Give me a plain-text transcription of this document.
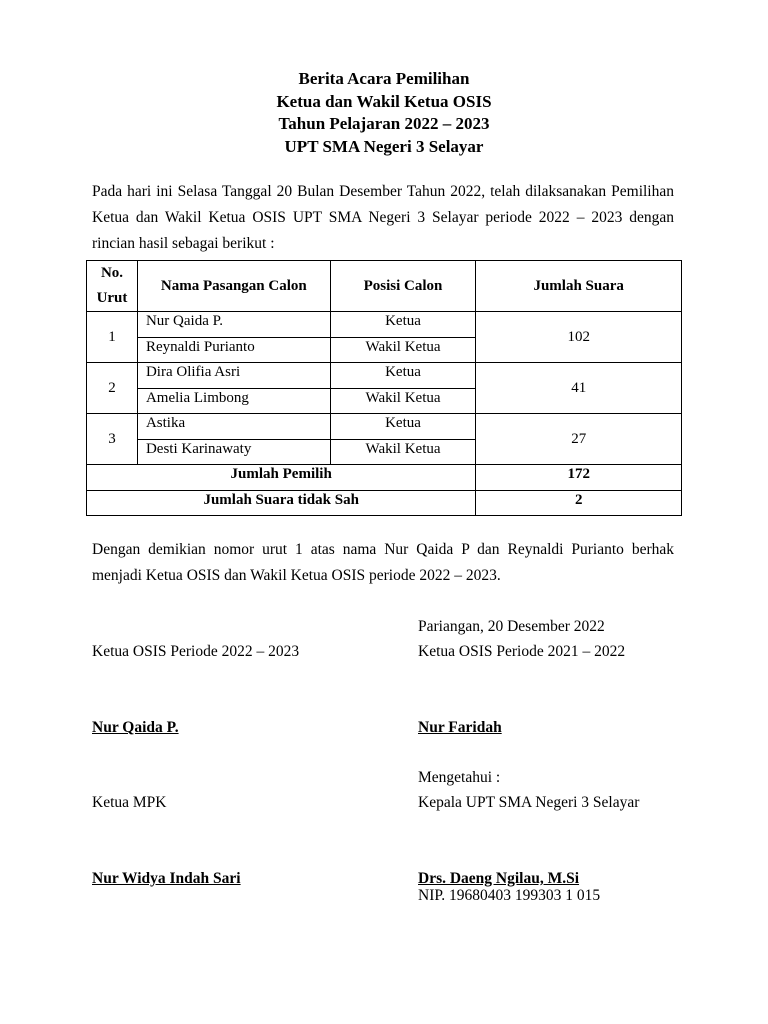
Berita Acara Pemilihan
Ketua dan Wakil Ketua OSIS
Tahun Pelajaran 2022 – 2023
UPT SMA Negeri 3 Selayar
Pada hari ini Selasa Tanggal 20 Bulan Desember Tahun 2022, telah dilaksanakan Pemilihan
Ketua dan Wakil Ketua OSIS UPT SMA Negeri 3 Selayar periode 2022 – 2023 dengan
rincian hasil sebagai berikut :
No.
Urut	Nama Pasangan Calon	Posisi Calon	Jumlah Suara
1	Nur Qaida P.	Ketua	102
	Reynaldi Purianto	Wakil Ketua	
2	Dira Olifia Asri	Ketua	41
	Amelia Limbong	Wakil Ketua	
3	Astika	Ketua	27
	Desti Karinawaty	Wakil Ketua	
Jumlah Pemilih			172
Jumlah Suara tidak Sah			2
Dengan demikian nomor urut 1 atas nama Nur Qaida P dan Reynaldi Purianto berhak
menjadi Ketua OSIS dan Wakil Ketua OSIS periode 2022 – 2023.
Pariangan, 20 Desember 2022
Ketua OSIS Periode 2022 – 2023	Ketua OSIS Periode 2021 – 2022
Nur Qaida P.	Nur Faridah
Mengetahui :
Ketua MPK	Kepala UPT SMA Negeri 3 Selayar
Nur Widya Indah Sari	Drs. Daeng Ngilau, M.Si
NIP. 19680403 199303 1 015
